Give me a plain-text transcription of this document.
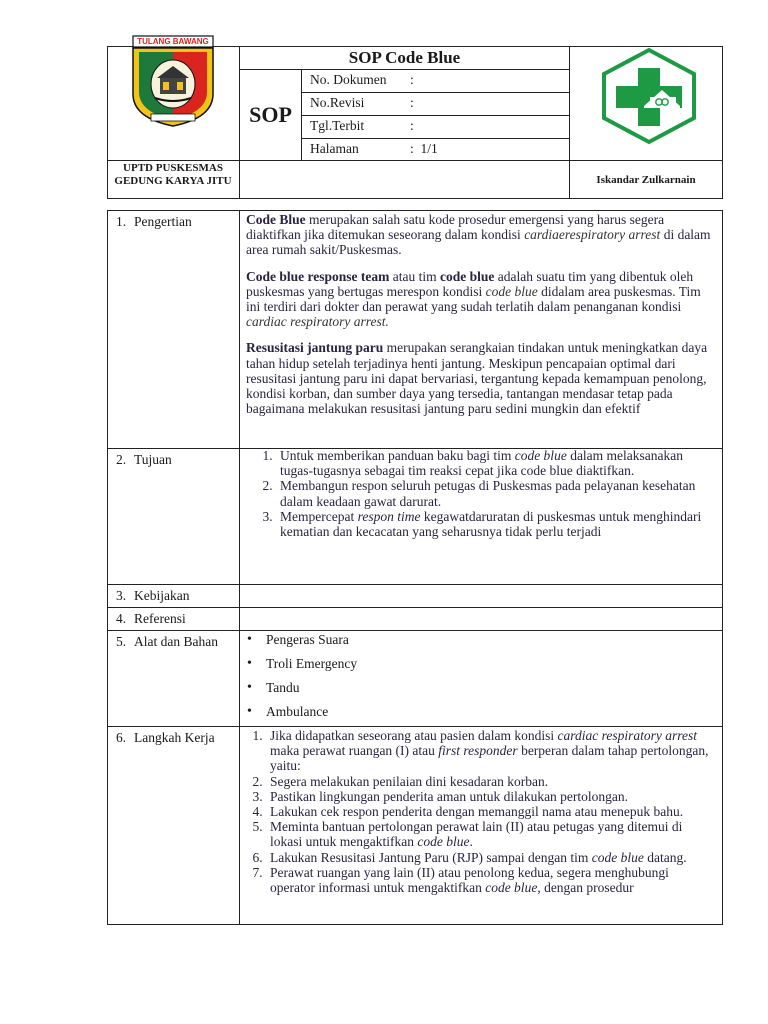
TULANG BAWANG
SOP Code Blue
SOP
No. Dokumen :
No.Revisi	:
Tgl.Terbit	:
Halaman	: 1/1
UPTD PUSKESMAS GEDUNG KARYA JITU	Iskandar Zulkarnain
1. Pengertian	Code Blue merupakan salah satu kode prosedur emergensi yang harus segera diaktifkan jika ditemukan seseorang dalam kondisi cardiaerespiratory arrest di dalam area rumah sakit/Puskesmas.

Code blue response team atau tim code blue adalah suatu tim yang dibentuk oleh puskesmas yang bertugas merespon kondisi code blue didalam area puskesmas. Tim ini terdiri dari dokter dan perawat yang sudah terlatih dalam penanganan kondisi cardiac respiratory arrest.

Resusitasi jantung paru merupakan serangkaian tindakan untuk meningkatkan daya tahan hidup setelah terjadinya henti jantung. Meskipun pencapaian optimal dari resusitasi jantung paru ini dapat bervariasi, tergantung kepada kemampuan penolong, kondisi korban, dan sumber daya yang tersedia, tantangan mendasar tetap pada bagaimana melakukan resusitasi jantung paru sedini mungkin dan efektif

2. Tujuan	1. Untuk memberikan panduan baku bagi tim code blue dalam melaksanakan tugas-tugasnya sebagai tim reaksi cepat jika code blue diaktifkan.
2. Membangun respon seluruh petugas di Puskesmas pada pelayanan kesehatan dalam keadaan gawat darurat.
3. Mempercepat respon time kegawatdaruratan di puskesmas untuk menghindari kematian dan kecacatan yang seharusnya tidak perlu terjadi
3. Kebijakan
4. Referensi
5. Alat dan Bahan	• Pengeras Suara
• Troli Emergency
• Tandu
• Ambulance
6. Langkah Kerja	1. Jika didapatkan seseorang atau pasien dalam kondisi cardiac respiratory arrest maka perawat ruangan (I) atau first responder berperan dalam tahap pertolongan, yaitu:
2. Segera melakukan penilaian dini kesadaran korban.
3. Pastikan lingkungan penderita aman untuk dilakukan pertolongan.
4. Lakukan cek respon penderita dengan memanggil nama atau menepuk bahu.
5. Meminta bantuan pertolongan perawat lain (II) atau petugas yang ditemui di lokasi untuk mengaktifkan code blue.
6. Lakukan Resusitasi Jantung Paru (RJP) sampai dengan tim code blue datang.
7. Perawat ruangan yang lain (II) atau penolong kedua, segera menghubungi operator informasi untuk mengaktifkan code blue, dengan prosedur
